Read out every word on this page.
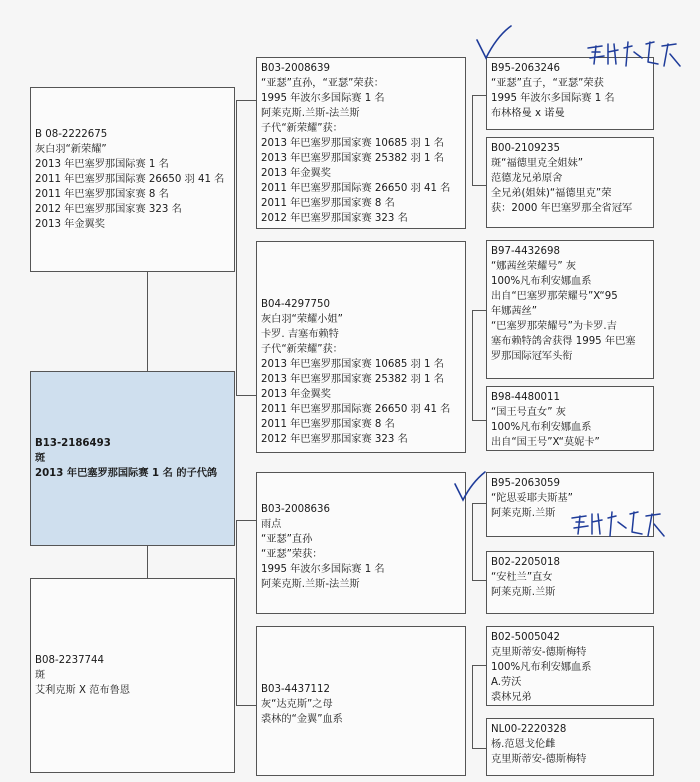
B 08-2222675
灰白羽“新荣耀”
2013 年巴塞罗那国际赛 1 名
2011 年巴塞罗那国际赛 26650 羽 41 名
2011 年巴塞罗那国家赛 8 名
2012 年巴塞罗那国家赛 323 名
2013 年金翼奖
B13-2186493
斑
2013 年巴塞罗那国际赛 1 名 的子代鸽
B08-2237744
斑
艾利克斯 X 范布鲁恩
B03-2008639
“亚瑟”直孙，“亚瑟”荣获：
1995 年波尔多国际赛 1 名
阿莱克斯.兰斯-法兰斯
子代“新荣耀”获：
2013 年巴塞罗那国家赛 10685 羽 1 名
2013 年巴塞罗那国家赛 25382 羽 1 名
2013 年金翼奖
2011 年巴塞罗那国际赛 26650 羽 41 名
2011 年巴塞罗那国家赛 8 名
2012 年巴塞罗那国家赛 323 名
B04-4297750
灰白羽“荣耀小姐”
卡罗. 吉塞布赖特
子代“新荣耀”获：
2013 年巴塞罗那国家赛 10685 羽 1 名
2013 年巴塞罗那国家赛 25382 羽 1 名
2013 年金翼奖
2011 年巴塞罗那国际赛 26650 羽 41 名
2011 年巴塞罗那国家赛 8 名
2012 年巴塞罗那国家赛 323 名
B03-2008636
雨点
“亚瑟”直孙
“亚瑟”荣获：
1995 年波尔多国际赛 1 名
阿莱克斯.兰斯-法兰斯
B03-4437112
灰“达克斯”之母
裘林的“金翼”血系
B95-2063246
“亚瑟”直子，“亚瑟”荣获
1995 年波尔多国际赛 1 名
布林格曼 x 诺曼
B00-2109235
斑“福德里克全姐妹”
范德龙兄弟原舍
全兄弟(姐妹)“福德里克”荣
获：2000 年巴塞罗那全省冠军
B97-4432698
“娜茜丝荣耀号” 灰
100%凡布利安娜血系
出自“巴塞罗那荣耀号”X“95
年娜茜丝”
“巴塞罗那荣耀号”为卡罗.吉
塞布赖特鸽舍获得 1995 年巴塞
罗那国际冠军头衔
B98-4480011
“国王号直女” 灰
100%凡布利安娜血系
出自“国王号”X“莫妮卡”
B95-2063059
“陀思妥耶夫斯基”
阿莱克斯.兰斯
B02-2205018
“安杜兰”直女
阿莱克斯.兰斯
B02-5005042
克里斯蒂安-德斯梅特
100%凡布利安娜血系
A.劳沃
裘林兄弟
NL00-2220328
杨.范恩戈伦雌
克里斯蒂安-德斯梅特
